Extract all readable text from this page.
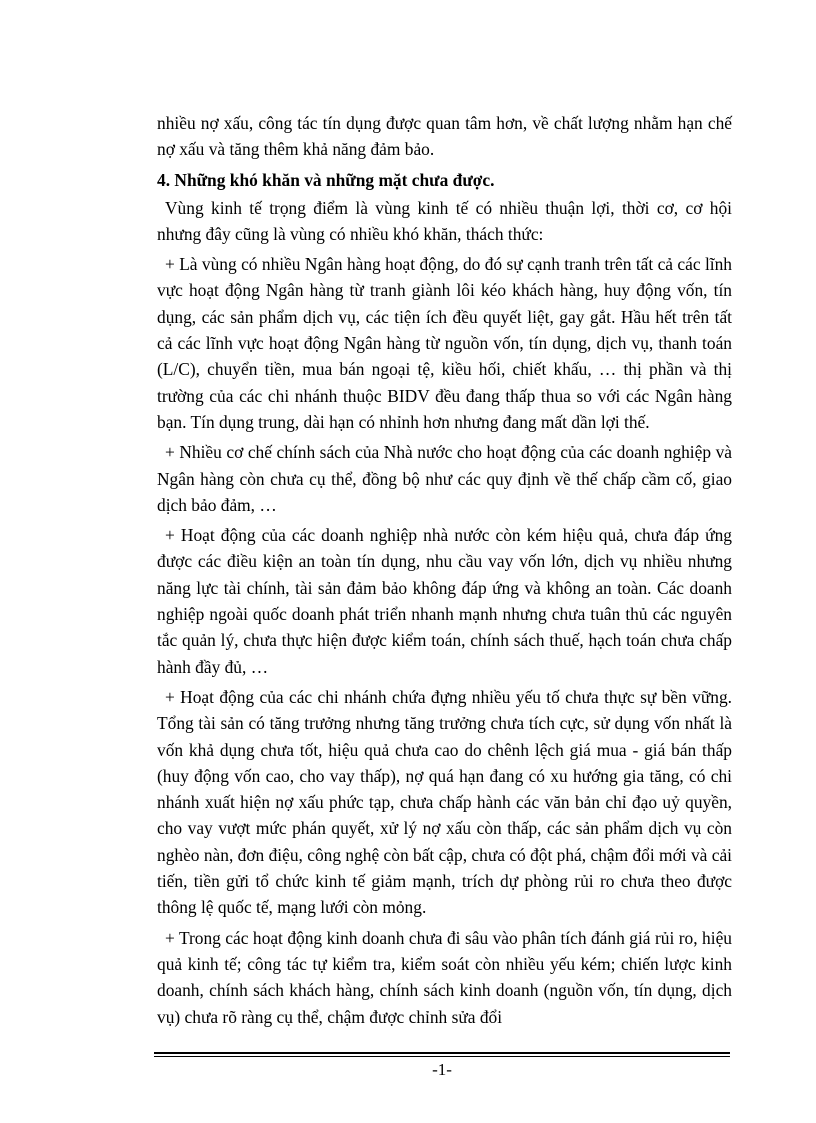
nhiều nợ xấu, công tác tín dụng được quan tâm hơn, về chất lượng nhằm hạn chế nợ xấu và tăng thêm khả năng đảm bảo.

4. Những khó khăn và những mặt chưa được.

Vùng kinh tế trọng điểm là vùng kinh tế có nhiều thuận lợi, thời cơ, cơ hội nhưng đây cũng là vùng có nhiều khó khăn, thách thức:

+ Là vùng có nhiều Ngân hàng hoạt động, do đó sự cạnh tranh trên tất cả các lĩnh vực hoạt động Ngân hàng từ tranh giành lôi kéo khách hàng, huy động vốn, tín dụng, các sản phẩm dịch vụ, các tiện ích đều quyết liệt, gay gắt. Hầu hết trên tất cả các lĩnh vực hoạt động Ngân hàng từ nguồn vốn, tín dụng, dịch vụ, thanh toán (L/C), chuyển tiền, mua bán ngoại tệ, kiều hối, chiết khấu, … thị phần và thị trường của các chi nhánh thuộc BIDV đều đang thấp thua so với các Ngân hàng bạn. Tín dụng trung, dài hạn có nhỉnh hơn nhưng đang mất dần lợi thế.

+ Nhiều cơ chế chính sách của Nhà nước cho hoạt động của các doanh nghiệp và Ngân hàng còn chưa cụ thể, đồng bộ như các quy định về thế chấp cầm cố, giao dịch bảo đảm, …

+ Hoạt động của các doanh nghiệp nhà nước còn kém hiệu quả, chưa đáp ứng được các điều kiện an toàn tín dụng, nhu cầu vay vốn lớn, dịch vụ nhiều nhưng năng lực tài chính, tài sản đảm bảo không đáp ứng và không an toàn. Các doanh nghiệp ngoài quốc doanh phát triển nhanh mạnh nhưng chưa tuân thủ các nguyên tắc quản lý, chưa thực hiện được kiểm toán, chính sách thuế, hạch toán chưa chấp hành đầy đủ, …

+ Hoạt động của các chi nhánh chứa đựng nhiều yếu tố chưa thực sự bền vững. Tổng tài sản có tăng trưởng nhưng tăng trưởng chưa tích cực, sử dụng vốn nhất là vốn khả dụng chưa tốt, hiệu quả chưa cao do chênh lệch giá mua - giá bán thấp (huy động vốn cao, cho vay thấp), nợ quá hạn đang có xu hướng gia tăng, có chi nhánh xuất hiện nợ xấu phức tạp, chưa chấp hành các văn bản chỉ đạo uỷ quyền, cho vay vượt mức phán quyết, xử lý nợ xấu còn thấp, các sản phẩm dịch vụ còn nghèo nàn, đơn điệu, công nghệ còn bất cập, chưa có đột phá, chậm đổi mới và cải tiến, tiền gửi tổ chức kinh tế giảm mạnh, trích dự phòng rủi ro chưa theo được thông lệ quốc tế, mạng lưới còn mỏng.

+ Trong các hoạt động kinh doanh chưa đi sâu vào phân tích đánh giá rủi ro, hiệu quả kinh tế; công tác tự kiểm tra, kiểm soát còn nhiều yếu kém; chiến lược kinh doanh, chính sách khách hàng, chính sách kinh doanh (nguồn vốn, tín dụng, dịch vụ) chưa rõ ràng cụ thể, chậm được chỉnh sửa đổi

-1-
